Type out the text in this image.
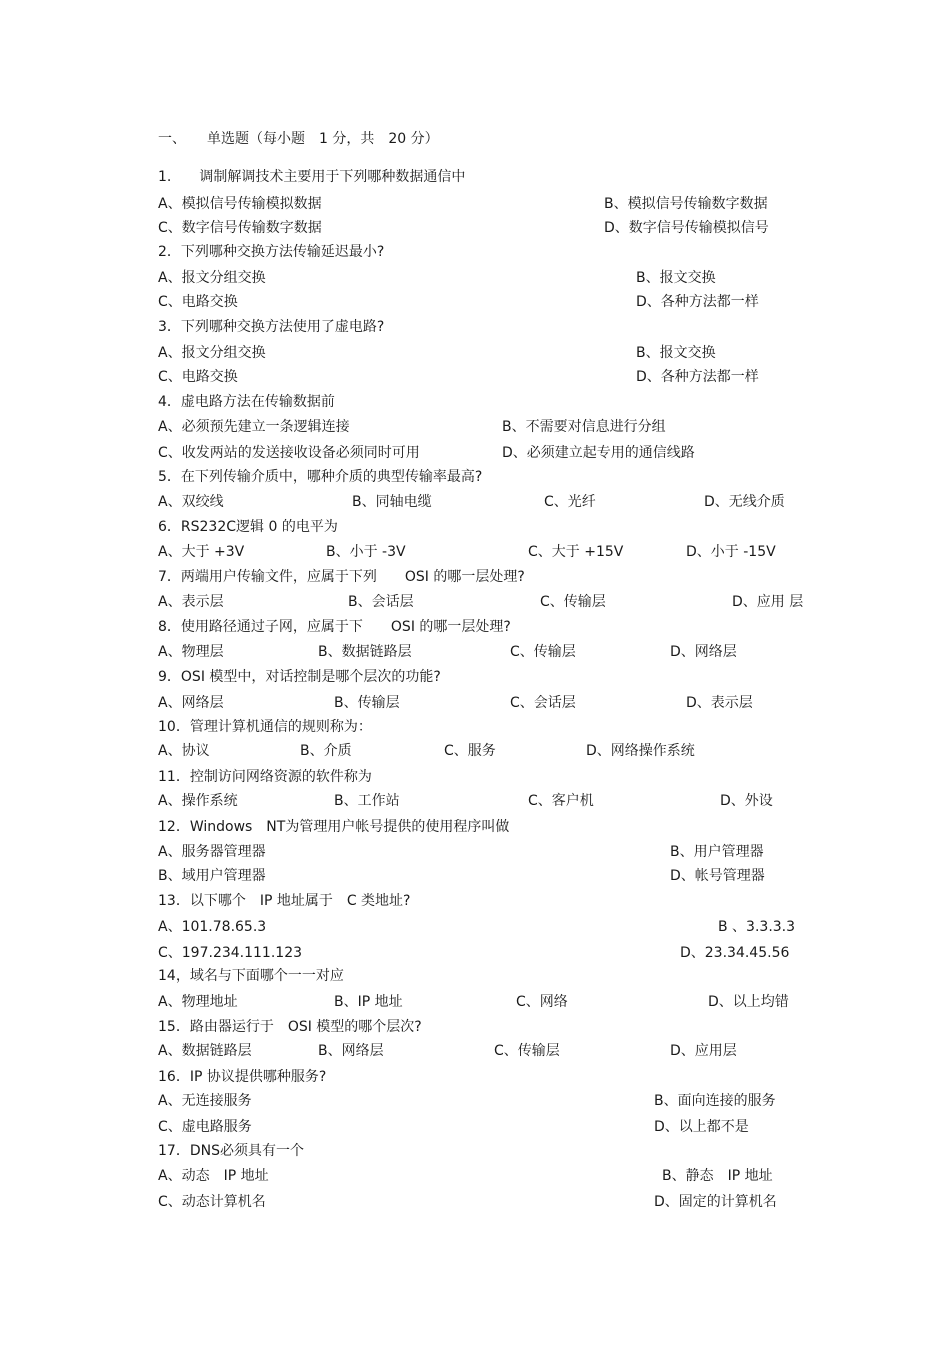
一、　　单选题（每小题　1 分，共　20 分）
1.　　调制解调技术主要用于下列哪种数据通信中
A、模拟信号传输模拟数据	B、模拟信号传输数字数据
C、数字信号传输数字数据	D、数字信号传输模拟信号
2．下列哪种交换方法传输延迟最小?
A、报文分组交换	B、报文交换
C、电路交换	D、各种方法都一样
3．下列哪种交换方法使用了虚电路?
A、报文分组交换	B、报文交换
C、电路交换	D、各种方法都一样
4．虚电路方法在传输数据前
A、必须预先建立一条逻辑连接	B、不需要对信息进行分组
C、收发两站的发送接收设备必须同时可用	D、必须建立起专用的通信线路
5．在下列传输介质中，哪种介质的典型传输率最高?
A、双绞线	B、同轴电缆	C、光纤	D、无线介质
6．RS232C逻辑 0 的电平为
A、大于 +3V	B、小于 -3V	C、大于 +15V	D、小于 -15V
7．两端用户传输文件，应属于下列　　OSI 的哪一层处理?
A、表示层	B、会话层	C、传输层	D、应用 层
8．使用路径通过子网，应属于下　　OSI 的哪一层处理?
A、物理层	B、数据链路层	C、传输层	D、网络层
9．OSI 模型中，对话控制是哪个层次的功能?
A、网络层	B、传输层	C、会话层	D、表示层
10．管理计算机通信的规则称为：
A、协议	B、介质	C、服务	D、网络操作系统
11．控制访问网络资源的软件称为
A、操作系统	B、工作站	C、客户机	D、外设
12．Windows　NT为管理用户帐号提供的使用程序叫做
A、服务器管理器	B、用户管理器
B、域用户管理器	D、帐号管理器
13．以下哪个　IP 地址属于　C 类地址?
A、101.78.65.3	B 、3.3.3.3
C、197.234.111.123	D、23.34.45.56
14，域名与下面哪个一一对应
A、物理地址	B、IP 地址	C、网络	D、以上均错
15．路由器运行于　OSI 模型的哪个层次?
A、数据链路层	B、网络层	C、传输层	D、应用层
16．IP 协议提供哪种服务?
A、无连接服务	B、面向连接的服务
C、虚电路服务	D、以上都不是
17．DNS必须具有一个
A、动态　IP 地址	B、静态　IP 地址
C、动态计算机名	D、固定的计算机名
